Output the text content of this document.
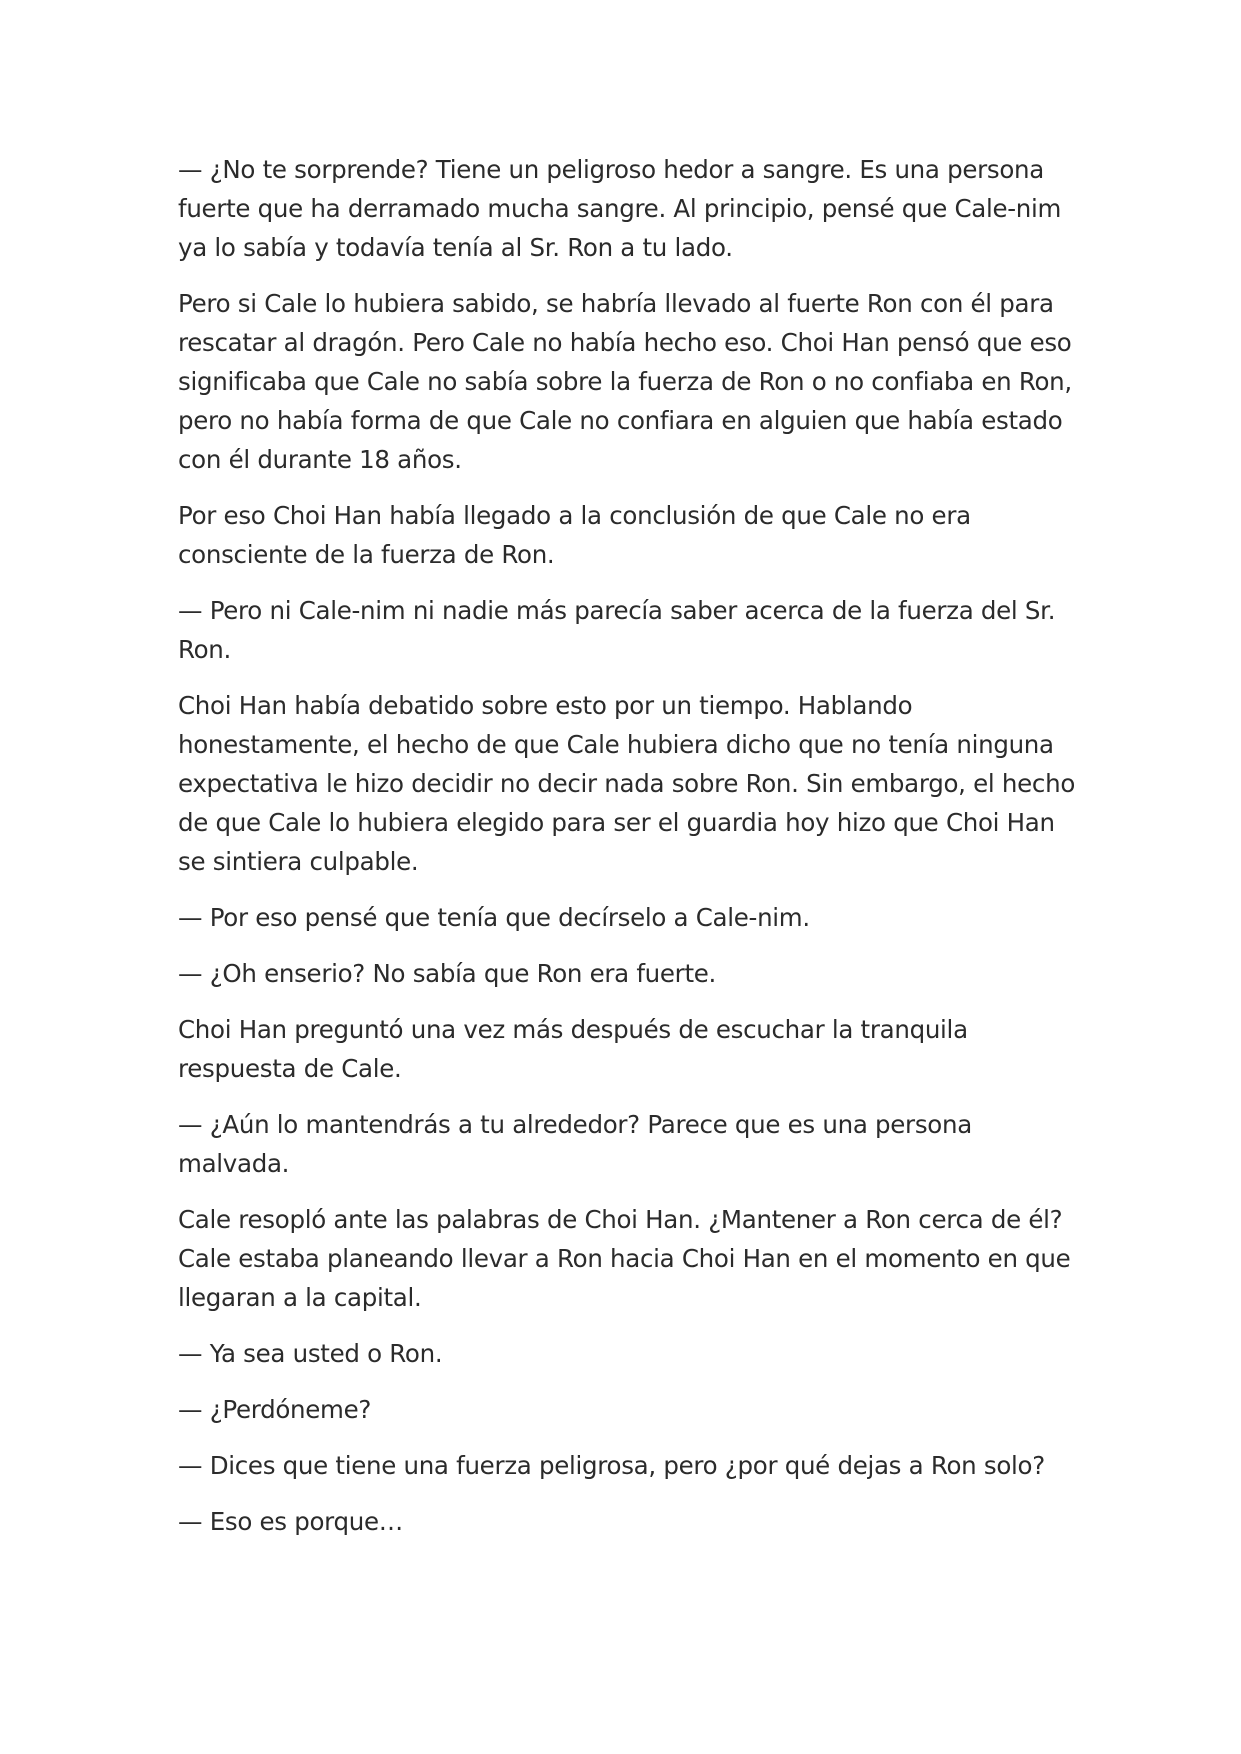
— ¿No te sorprende? Tiene un peligroso hedor a sangre. Es una persona fuerte que ha derramado mucha sangre. Al principio, pensé que Cale-nim ya lo sabía y todavía tenía al Sr. Ron a tu lado.

Pero si Cale lo hubiera sabido, se habría llevado al fuerte Ron con él para rescatar al dragón. Pero Cale no había hecho eso. Choi Han pensó que eso significaba que Cale no sabía sobre la fuerza de Ron o no confiaba en Ron, pero no había forma de que Cale no confiara en alguien que había estado con él durante 18 años.

Por eso Choi Han había llegado a la conclusión de que Cale no era consciente de la fuerza de Ron.

— Pero ni Cale-nim ni nadie más parecía saber acerca de la fuerza del Sr. Ron.

Choi Han había debatido sobre esto por un tiempo. Hablando honestamente, el hecho de que Cale hubiera dicho que no tenía ninguna expectativa le hizo decidir no decir nada sobre Ron. Sin embargo, el hecho de que Cale lo hubiera elegido para ser el guardia hoy hizo que Choi Han se sintiera culpable.

— Por eso pensé que tenía que decírselo a Cale-nim.

— ¿Oh enserio? No sabía que Ron era fuerte.

Choi Han preguntó una vez más después de escuchar la tranquila respuesta de Cale.

— ¿Aún lo mantendrás a tu alrededor? Parece que es una persona malvada.

Cale resopló ante las palabras de Choi Han. ¿Mantener a Ron cerca de él? Cale estaba planeando llevar a Ron hacia Choi Han en el momento en que llegaran a la capital.

— Ya sea usted o Ron.

— ¿Perdóneme?

— Dices que tiene una fuerza peligrosa, pero ¿por qué dejas a Ron solo?

— Eso es porque…
